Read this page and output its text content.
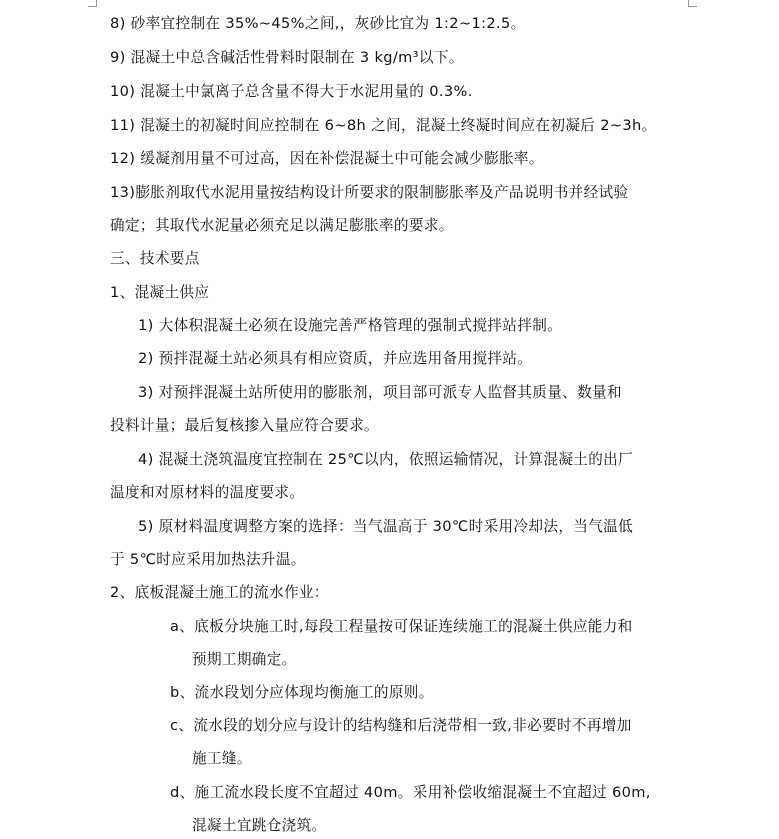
8) 砂率宜控制在 35%~45%之间,，灰砂比宜为 1:2~1:2.5。
9) 混凝土中总含碱活性骨料时限制在 3 kg/m³以下。
10) 混凝土中氯离子总含量不得大于水泥用量的 0.3%.
11) 混凝土的初凝时间应控制在 6~8h 之间，混凝土终凝时间应在初凝后 2~3h。
12) 缓凝剂用量不可过高，因在补偿混凝土中可能会减少膨胀率。
13)膨胀剂取代水泥用量按结构设计所要求的限制膨胀率及产品说明书并经试验
确定；其取代水泥量必须充足以满足膨胀率的要求。
三、技术要点
1、混凝土供应
1) 大体积混凝土必须在设施完善严格管理的强制式搅拌站拌制。
2) 预拌混凝土站必须具有相应资质，并应选用备用搅拌站。
3) 对预拌混凝土站所使用的膨胀剂，项目部可派专人监督其质量、数量和
投料计量；最后复核掺入量应符合要求。
4) 混凝土浇筑温度宜控制在 25℃以内，依照运输情况，计算混凝土的出厂
温度和对原材料的温度要求。
5) 原材料温度调整方案的选择：当气温高于 30℃时采用冷却法，当气温低
于 5℃时应采用加热法升温。
2、底板混凝土施工的流水作业：
a、底板分块施工时,每段工程量按可保证连续施工的混凝土供应能力和
预期工期确定。
b、流水段划分应体现均衡施工的原则。
c、流水段的划分应与设计的结构缝和后浇带相一致,非必要时不再增加
施工缝。
d、施工流水段长度不宜超过 40m。采用补偿收缩混凝土不宜超过 60m,
混凝土宜跳仓浇筑。
